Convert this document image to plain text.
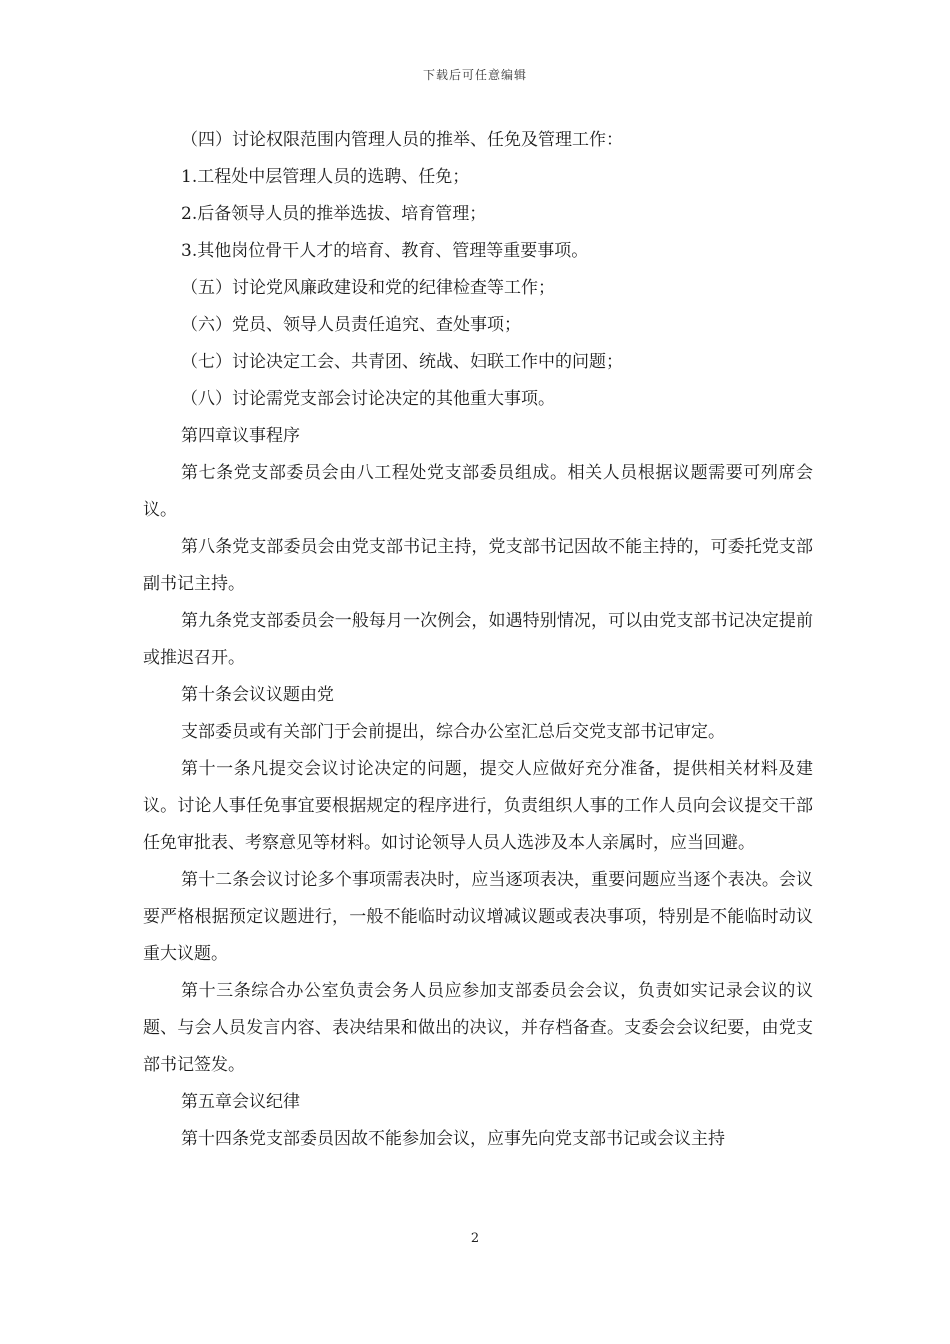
下载后可任意编辑

（四）讨论权限范围内管理人员的推举、任免及管理工作：

1.工程处中层管理人员的选聘、任免；

2.后备领导人员的推举选拔、培育管理；

3.其他岗位骨干人才的培育、教育、管理等重要事项。

（五）讨论党风廉政建设和党的纪律检查等工作；

（六）党员、领导人员责任追究、查处事项；

（七）讨论决定工会、共青团、统战、妇联工作中的问题；

（八）讨论需党支部会讨论决定的其他重大事项。

第四章议事程序

第七条党支部委员会由八工程处党支部委员组成。相关人员根据议题需要可列席会议。

第八条党支部委员会由党支部书记主持，党支部书记因故不能主持的，可委托党支部副书记主持。

第九条党支部委员会一般每月一次例会，如遇特别情况，可以由党支部书记决定提前或推迟召开。

第十条会议议题由党

支部委员或有关部门于会前提出，综合办公室汇总后交党支部书记审定。

第十一条凡提交会议讨论决定的问题，提交人应做好充分准备，提供相关材料及建议。讨论人事任免事宜要根据规定的程序进行，负责组织人事的工作人员向会议提交干部任免审批表、考察意见等材料。如讨论领导人员人选涉及本人亲属时，应当回避。

第十二条会议讨论多个事项需表决时，应当逐项表决，重要问题应当逐个表决。会议要严格根据预定议题进行，一般不能临时动议增减议题或表决事项，特别是不能临时动议重大议题。

第十三条综合办公室负责会务人员应参加支部委员会会议，负责如实记录会议的议题、与会人员发言内容、表决结果和做出的决议，并存档备查。支委会会议纪要，由党支部书记签发。

第五章会议纪律

第十四条党支部委员因故不能参加会议，应事先向党支部书记或会议主持

2
